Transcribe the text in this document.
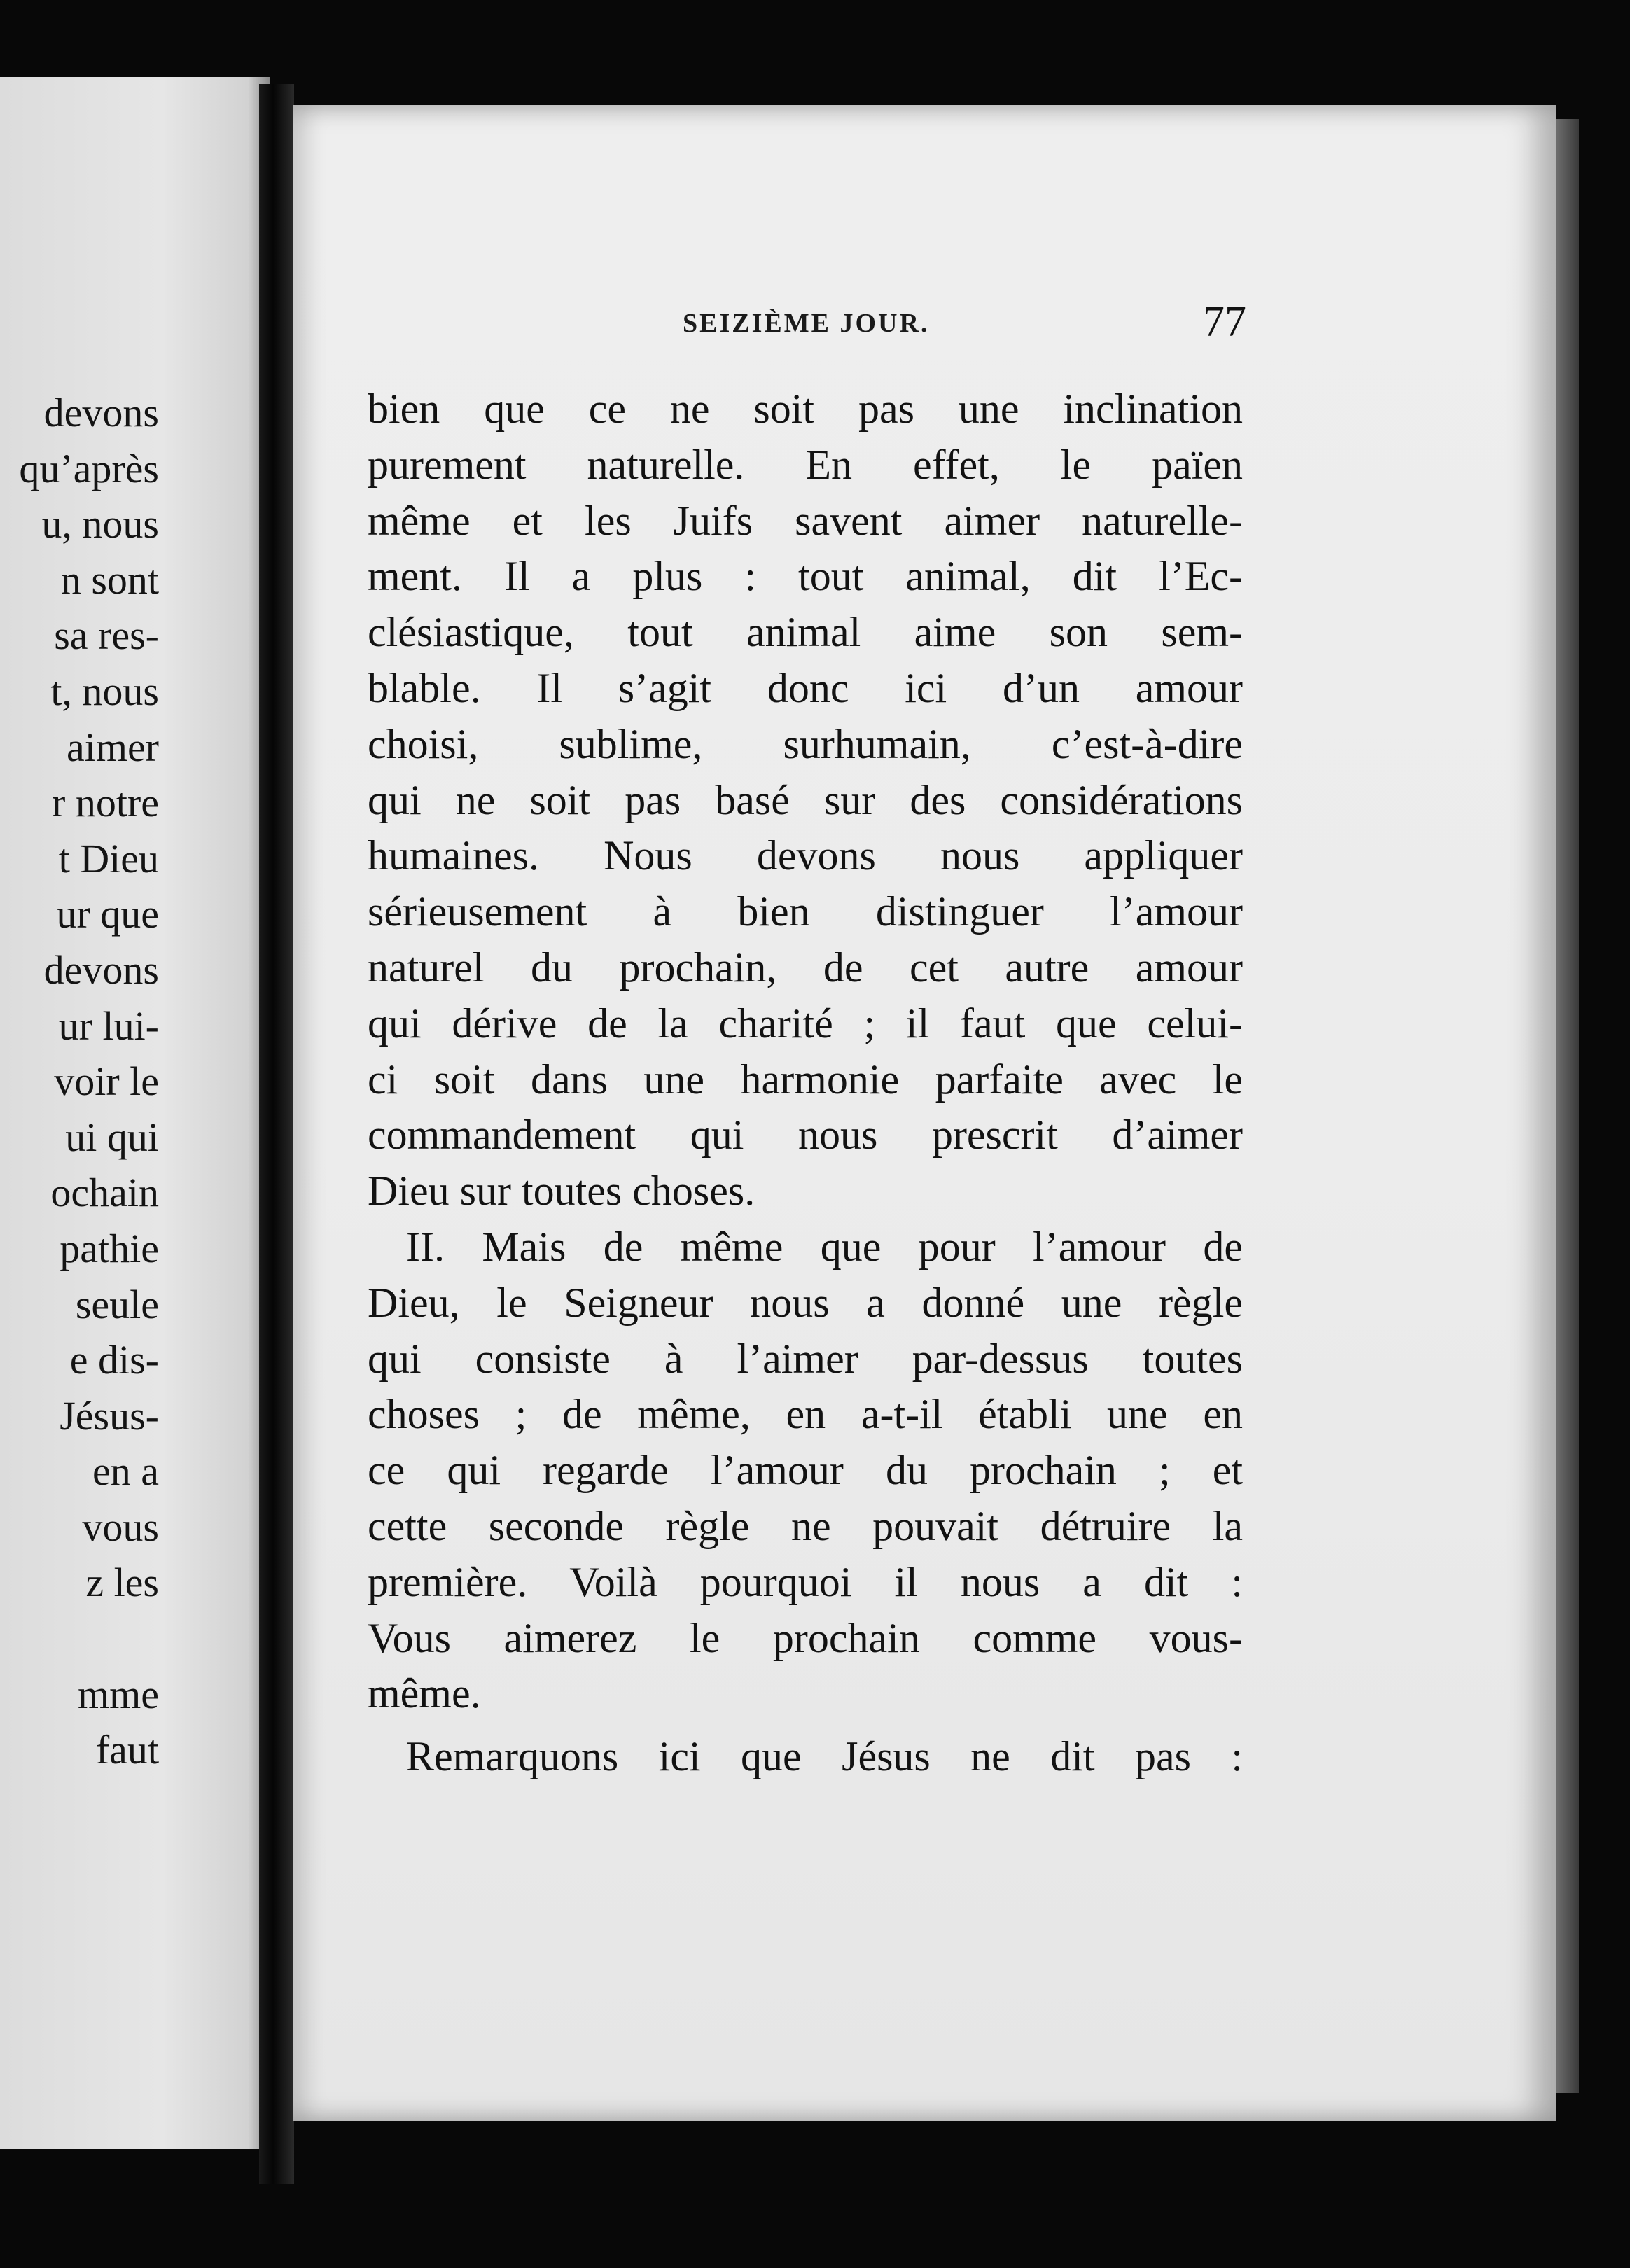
devons
qu’après
u, nous
n sont
sa res-
t, nous
aimer
r notre
t Dieu
ur que
devons
ur lui-
voir le
ui qui
ochain
pathie
seule
e dis-
Jésus-
en a
vous
z les
mme
faut
SEIZIÈME JOUR.	77
bien que ce ne soit pas une inclination
purement naturelle. En effet, le païen
même et les Juifs savent aimer naturelle-
ment. Il a plus : tout animal, dit l’Ec-
clésiastique, tout animal aime son sem-
blable. Il s’agit donc ici d’un amour
choisi, sublime, surhumain, c’est-à-dire
qui ne soit pas basé sur des considérations
humaines. Nous devons nous appliquer
sérieusement à bien distinguer l’amour
naturel du prochain, de cet autre amour
qui dérive de la charité ; il faut que celui-
ci soit dans une harmonie parfaite avec le
commandement qui nous prescrit d’aimer
Dieu sur toutes choses.
II. Mais de même que pour l’amour de
Dieu, le Seigneur nous a donné une règle
qui consiste à l’aimer par-dessus toutes
choses ; de même, en a-t-il établi une en
ce qui regarde l’amour du prochain ; et
cette seconde règle ne pouvait détruire la
première. Voilà pourquoi il nous a dit :
Vous aimerez le prochain comme vous-
même.
Remarquons ici que Jésus ne dit pas :
